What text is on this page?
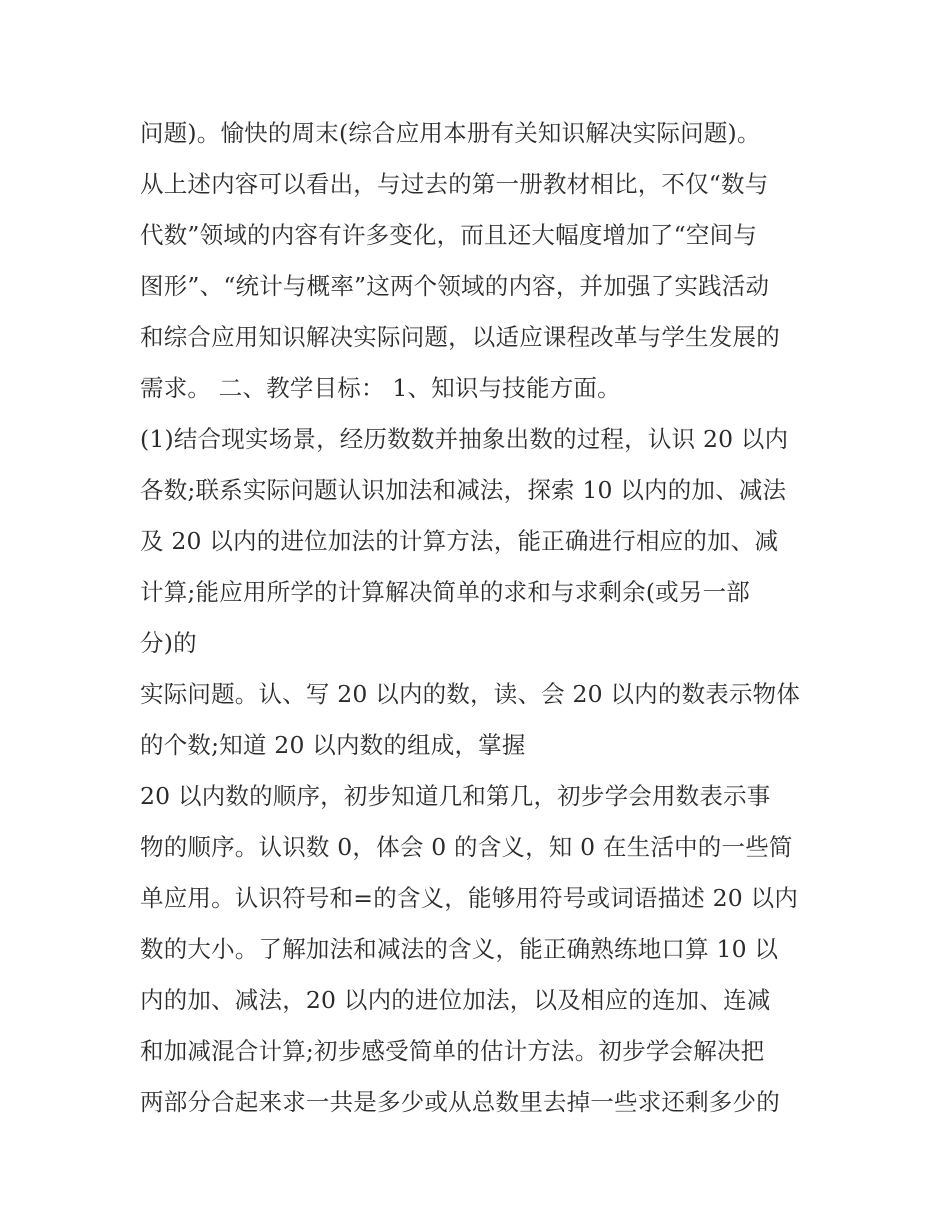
问题)。愉快的周末(综合应用本册有关知识解决实际问题)。
从上述内容可以看出，与过去的第一册教材相比，不仅“数与
代数”领域的内容有许多变化，而且还大幅度增加了“空间与
图形”、“统计与概率”这两个领域的内容，并加强了实践活动
和综合应用知识解决实际问题，以适应课程改革与学生发展的
需求。 二、教学目标： 1、知识与技能方面。
(1)结合现实场景，经历数数并抽象出数的过程，认识 20 以内
各数;联系实际问题认识加法和减法，探索 10 以内的加、减法
及 20 以内的进位加法的计算方法，能正确进行相应的加、减
计算;能应用所学的计算解决简单的求和与求剩余(或另一部
分)的
实际问题。认、写 20 以内的数，读、会 20 以内的数表示物体
的个数;知道 20 以内数的组成，掌握
20 以内数的顺序，初步知道几和第几，初步学会用数表示事
物的顺序。认识数 0，体会 0 的含义，知 0 在生活中的一些简
单应用。认识符号和=的含义，能够用符号或词语描述 20 以内
数的大小。了解加法和减法的含义，能正确熟练地口算 10 以
内的加、减法，20 以内的进位加法，以及相应的连加、连减
和加减混合计算;初步感受简单的估计方法。初步学会解决把
两部分合起来求一共是多少或从总数里去掉一些求还剩多少的
